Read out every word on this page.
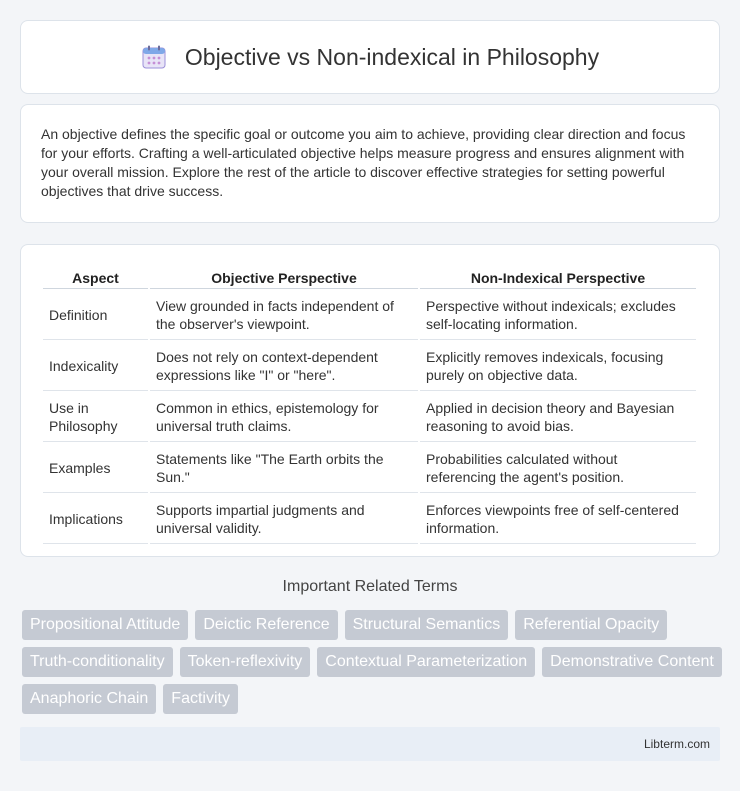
Objective vs Non-indexical in Philosophy

An objective defines the specific goal or outcome you aim to achieve, providing clear direction and focus for your efforts. Crafting a well-articulated objective helps measure progress and ensures alignment with your overall mission. Explore the rest of the article to discover effective strategies for setting powerful objectives that drive success.

Aspect	Objective Perspective	Non-Indexical Perspective
Definition	View grounded in facts independent of the observer's viewpoint.	Perspective without indexicals; excludes self-locating information.
Indexicality	Does not rely on context-dependent expressions like "I" or "here".	Explicitly removes indexicals, focusing purely on objective data.
Use in Philosophy	Common in ethics, epistemology for universal truth claims.	Applied in decision theory and Bayesian reasoning to avoid bias.
Examples	Statements like "The Earth orbits the Sun."	Probabilities calculated without referencing the agent's position.
Implications	Supports impartial judgments and universal validity.	Enforces viewpoints free of self-centered information.
Important Related Terms
Propositional Attitude	Deictic Reference	Structural Semantics	Referential Opacity
Truth-conditionality	Token-reflexivity	Contextual Parameterization	Demonstrative Content
Anaphoric Chain	Factivity
Libterm.com
